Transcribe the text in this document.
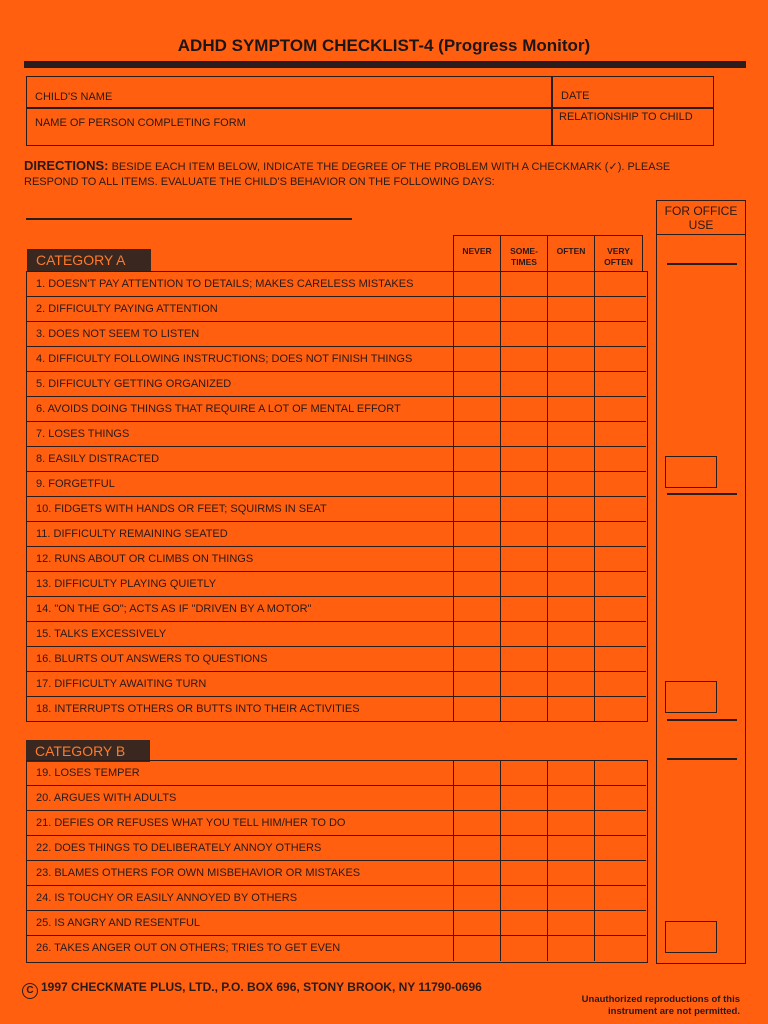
ADHD SYMPTOM CHECKLIST-4 (Progress Monitor)
CHILD'S NAME	DATE
NAME OF PERSON COMPLETING FORM	RELATIONSHIP TO CHILD
DIRECTIONS: BESIDE EACH ITEM BELOW, INDICATE THE DEGREE OF THE PROBLEM WITH A CHECKMARK (✓). PLEASE RESPOND TO ALL ITEMS. EVALUATE THE CHILD'S BEHAVIOR ON THE FOLLOWING DAYS:
CATEGORY A
NEVER	SOME-TIMES
OFTEN	VERY OFTEN
1. DOESN'T PAY ATTENTION TO DETAILS; MAKES CARELESS MISTAKES
2. DIFFICULTY PAYING ATTENTION
3. DOES NOT SEEM TO LISTEN
4. DIFFICULTY FOLLOWING INSTRUCTIONS; DOES NOT FINISH THINGS
5. DIFFICULTY GETTING ORGANIZED
6. AVOIDS DOING THINGS THAT REQUIRE A LOT OF MENTAL EFFORT
7. LOSES THINGS
8. EASILY DISTRACTED
9. FORGETFUL
10. FIDGETS WITH HANDS OR FEET; SQUIRMS IN SEAT
11. DIFFICULTY REMAINING SEATED
12. RUNS ABOUT OR CLIMBS ON THINGS
13. DIFFICULTY PLAYING QUIETLY
14. "ON THE GO"; ACTS AS IF "DRIVEN BY A MOTOR"
15. TALKS EXCESSIVELY
16. BLURTS OUT ANSWERS TO QUESTIONS
17. DIFFICULTY AWAITING TURN
18. INTERRUPTS OTHERS OR BUTTS INTO THEIR ACTIVITIES
CATEGORY B
19. LOSES TEMPER
20. ARGUES WITH ADULTS
21. DEFIES OR REFUSES WHAT YOU TELL HIM/HER TO DO
22. DOES THINGS TO DELIBERATELY ANNOY OTHERS
23. BLAMES OTHERS FOR OWN MISBEHAVIOR OR MISTAKES
24. IS TOUCHY OR EASILY ANNOYED BY OTHERS
25. IS ANGRY AND RESENTFUL
26. TAKES ANGER OUT ON OTHERS; TRIES TO GET EVEN
FOR OFFICE USE
C 1997 CHECKMATE PLUS, LTD., P.O. BOX 696, STONY BROOK, NY 11790-0696
Unauthorized reproductions of this instrument are not permitted.
